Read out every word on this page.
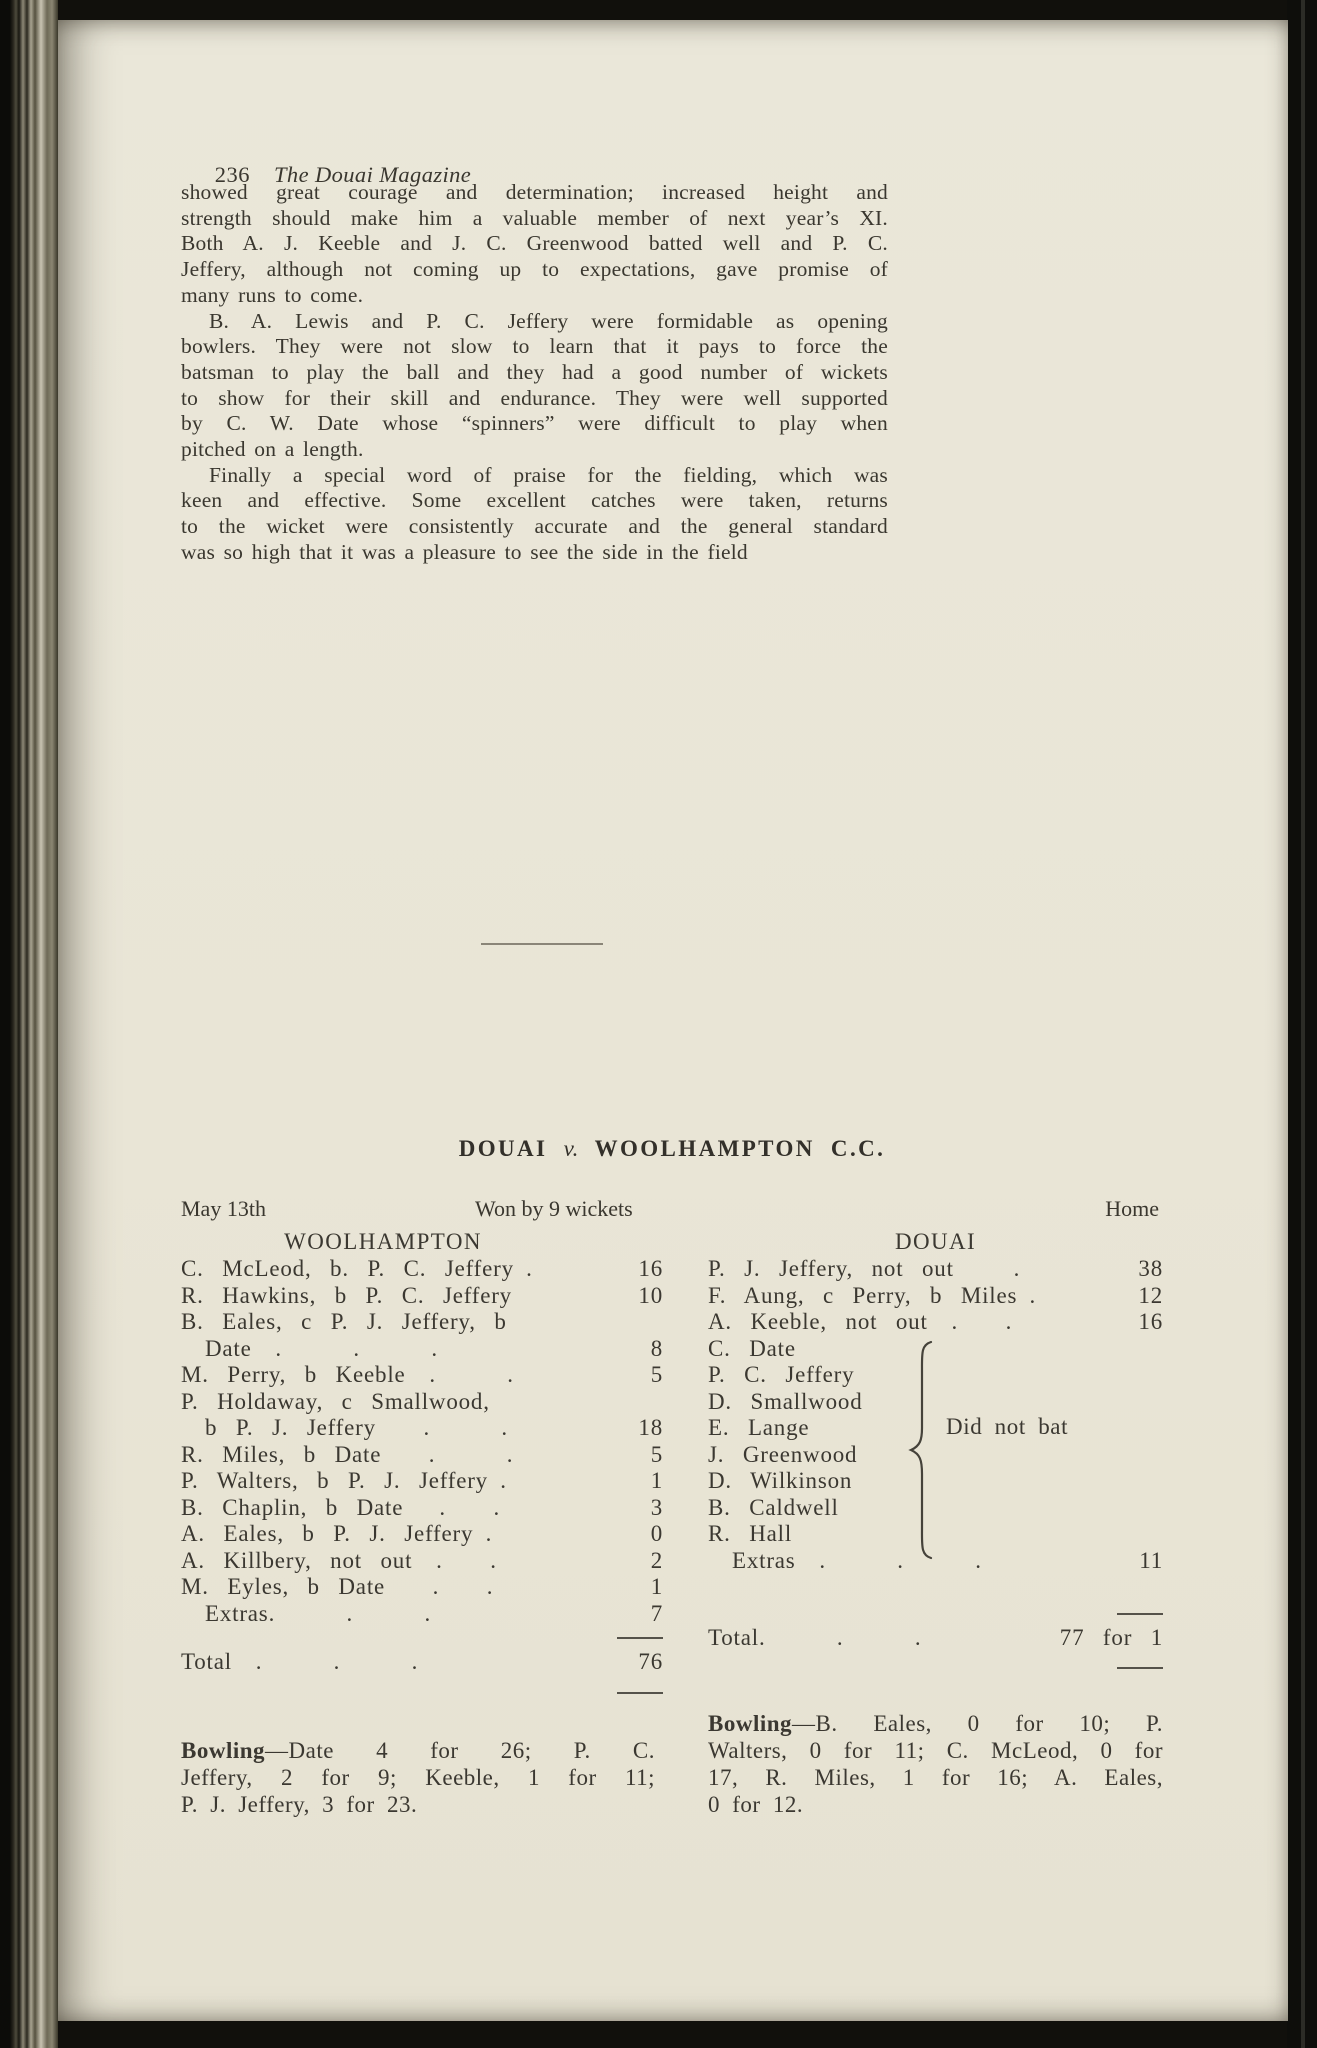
236 The Douai Magazine

showed great courage and determination; increased height and
strength should make him a valuable member of next year’s XI.
Both A. J. Keeble and J. C. Greenwood batted well and P. C.
Jeffery, although not coming up to expectations, gave promise of
many runs to come.
B. A. Lewis and P. C. Jeffery were formidable as opening
bowlers. They were not slow to learn that it pays to force the
batsman to play the ball and they had a good number of wickets
to show for their skill and endurance. They were well supported
by C. W. Date whose “spinners” were difficult to play when
pitched on a length.
Finally a special word of praise for the fielding, which was
keen and effective. Some excellent catches were taken, returns
to the wicket were consistently accurate and the general standard
was so high that it was a pleasure to see the side in the field
DOUAI v. WOOLHAMPTON C.C.
May 13th	Won by 9 wickets	Home
WOOLHAMPTON
C. McLeod, b. P. C. Jeffery  .	16
R. Hawkins, b P. C. Jeffery	10
B. Eales, c P. J. Jeffery, b
Date  .   .   .	8
M. Perry, b Keeble  .   .	5
P. Holdaway, c Smallwood,
b P. J. Jeffery   .   .	18
R. Miles, b Date   .   .	5
P. Walters, b P. J. Jeffery  .	1
B. Chaplin, b Date   .  .	3
A. Eales, b P. J. Jeffery  .	0
A. Killbery, not out  .  .	2
M. Eyles, b Date   .  .	1
Extras .   .   .	7
Total  .   .   .	76
DOUAI
P. J. Jeffery, not out    .	38
F. Aung, c Perry, b Miles  .	12
A. Keeble, not out  .  .	16
C. Date
P. C. Jeffery
D. Smallwood
E. Lange
J. Greenwood
D. Wilkinson
B. Caldwell
R. Hall
Extras  .   .   .	11
Did not bat
Total .   .   .	77 for 1
Bowling—Date 4 for 26; P. C.
Jeffery, 2 for 9; Keeble, 1 for 11;
P. J. Jeffery, 3 for 23.
Bowling—B. Eales, 0 for 10; P.
Walters, 0 for 11; C. McLeod, 0 for
17, R. Miles, 1 for 16; A. Eales,
0 for 12.
